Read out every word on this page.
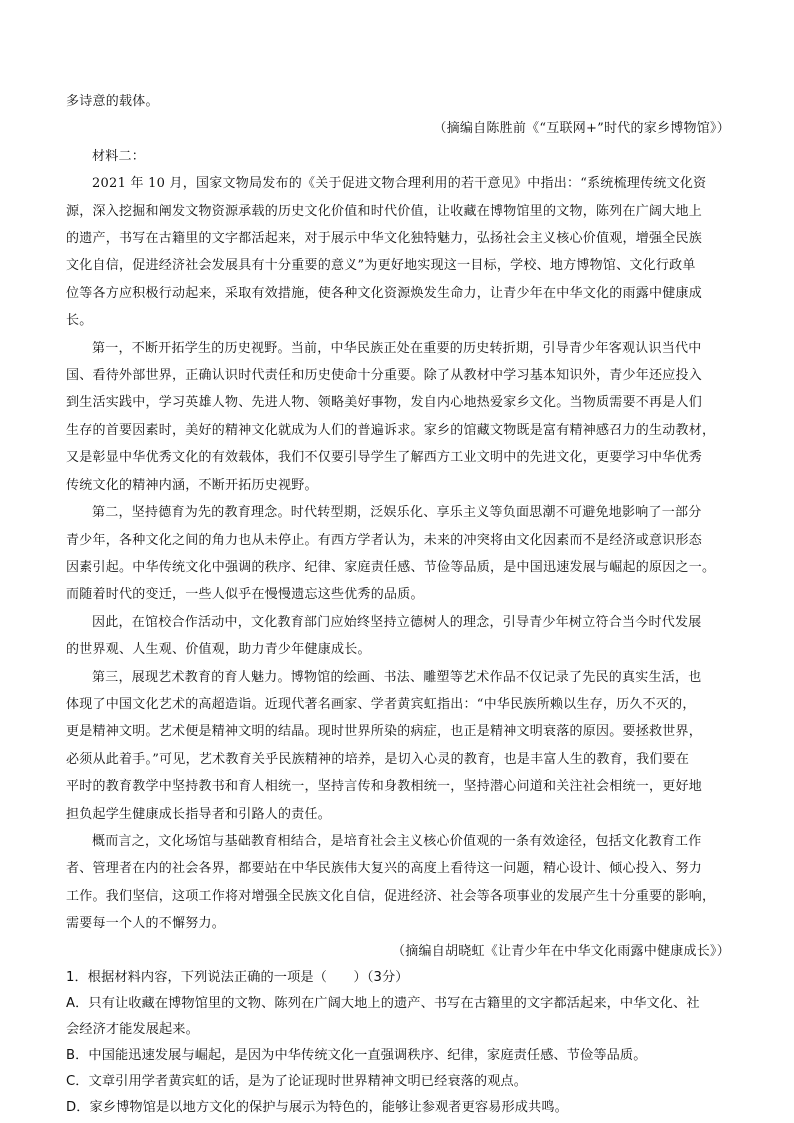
多诗意的载体。
（摘编自陈胜前《“互联网+”时代的家乡博物馆》）
材料二：
2021 年 10 月，国家文物局发布的《关于促进文物合理利用的若干意见》中指出：“系统梳理传统文化资
源，深入挖掘和阐发文物资源承载的历史文化价值和时代价值，让收藏在博物馆里的文物，陈列在广阔大地上
的遗产，书写在古籍里的文字都活起来，对于展示中华文化独特魅力，弘扬社会主义核心价值观，增强全民族
文化自信，促进经济社会发展具有十分重要的意义”为更好地实现这一目标，学校、地方博物馆、文化行政单
位等各方应积极行动起来，采取有效措施，使各种文化资源焕发生命力，让青少年在中华文化的雨露中健康成
长。
第一，不断开拓学生的历史视野。当前，中华民族正处在重要的历史转折期，引导青少年客观认识当代中
国、看待外部世界，正确认识时代责任和历史使命十分重要。除了从教材中学习基本知识外，青少年还应投入
到生活实践中，学习英雄人物、先进人物、领略美好事物，发自内心地热爱家乡文化。当物质需要不再是人们
生存的首要因素时，美好的精神文化就成为人们的普遍诉求。家乡的馆藏文物既是富有精神感召力的生动教材，
又是彰显中华优秀文化的有效载体，我们不仅要引导学生了解西方工业文明中的先进文化，更要学习中华优秀
传统文化的精神内涵，不断开拓历史视野。
第二，坚持德育为先的教育理念。时代转型期，泛娱乐化、享乐主义等负面思潮不可避免地影响了一部分
青少年，各种文化之间的角力也从未停止。有西方学者认为，未来的冲突将由文化因素而不是经济或意识形态
因素引起。中华传统文化中强调的秩序、纪律、家庭责任感、节俭等品质，是中国迅速发展与崛起的原因之一。
而随着时代的变迁，一些人似乎在慢慢遗忘这些优秀的品质。
因此，在馆校合作活动中，文化教育部门应始终坚持立德树人的理念，引导青少年树立符合当今时代发展
的世界观、人生观、价值观，助力青少年健康成长。
第三，展现艺术教育的育人魅力。博物馆的绘画、书法、雕塑等艺术作品不仅记录了先民的真实生活，也
体现了中国文化艺术的高超造诣。近现代著名画家、学者黄宾虹指出：“中华民族所赖以生存，历久不灭的，
更是精神文明。艺术便是精神文明的结晶。现时世界所染的病症，也正是精神文明衰落的原因。要拯救世界，
必须从此着手。”可见，艺术教育关乎民族精神的培养，是切入心灵的教育，也是丰富人生的教育，我们要在
平时的教育教学中坚持教书和育人相统一，坚持言传和身教相统一，坚持潜心问道和关注社会相统一，更好地
担负起学生健康成长指导者和引路人的责任。
概而言之，文化场馆与基础教育相结合，是培育社会主义核心价值观的一条有效途径，包括文化教育工作
者、管理者在内的社会各界，都要站在中华民族伟大复兴的高度上看待这一问题，精心设计、倾心投入、努力
工作。我们坚信，这项工作将对增强全民族文化自信，促进经济、社会等各项事业的发展产生十分重要的影响，
需要每一个人的不懈努力。
（摘编自胡晓虹《让青少年在中华文化雨露中健康成长》）
1．根据材料内容，下列说法正确的一项是（　　）（3分）
A．只有让收藏在博物馆里的文物、陈列在广阔大地上的遗产、书写在古籍里的文字都活起来，中华文化、社
会经济才能发展起来。
B．中国能迅速发展与崛起，是因为中华传统文化一直强调秩序、纪律，家庭责任感、节俭等品质。
C．文章引用学者黄宾虹的话，是为了论证现时世界精神文明已经衰落的观点。
D．家乡博物馆是以地方文化的保护与展示为特色的，能够让参观者更容易形成共鸣。
